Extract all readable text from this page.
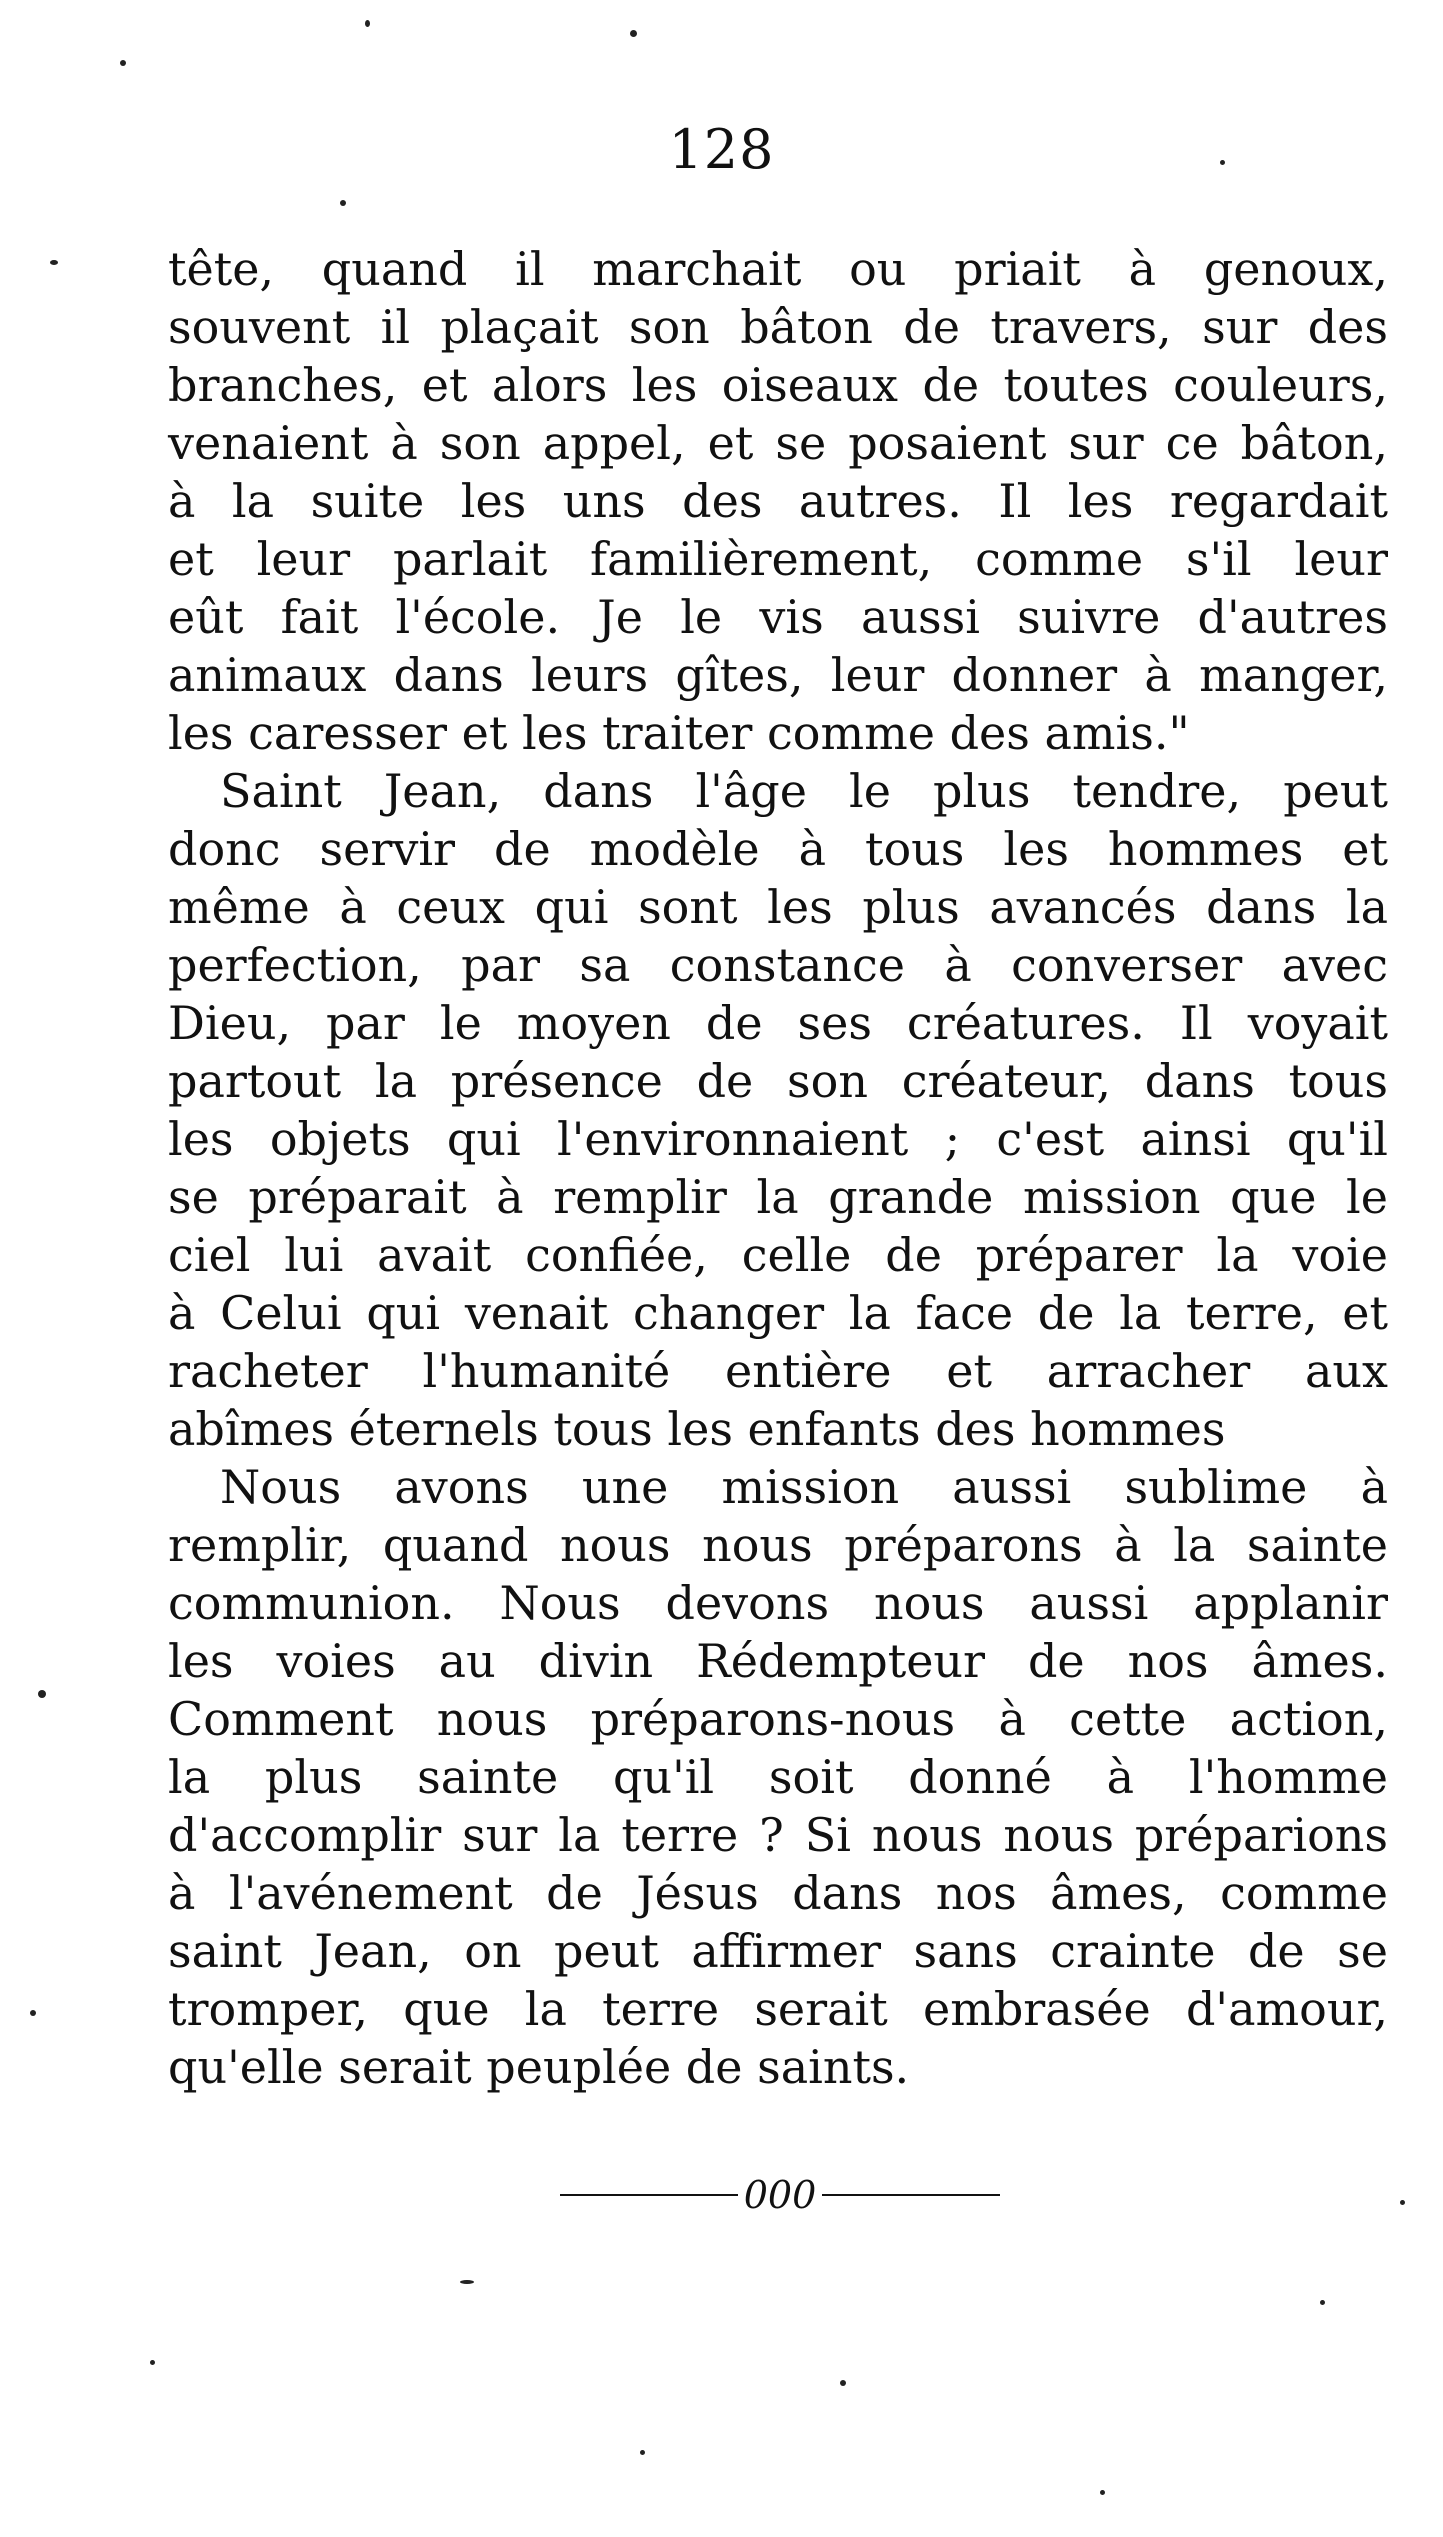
128
tête, quand il marchait ou priait à genoux,
souvent il plaçait son bâton de travers, sur des
branches, et alors les oiseaux de toutes couleurs,
venaient à son appel, et se posaient sur ce bâton,
à la suite les uns des autres. Il les regardait
et leur parlait familièrement, comme s'il leur
eût fait l'école. Je le vis aussi suivre d'autres
animaux dans leurs gîtes, leur donner à manger,
les caresser et les traiter comme des amis."
Saint Jean, dans l'âge le plus tendre, peut
donc servir de modèle à tous les hommes et
même à ceux qui sont les plus avancés dans la
perfection, par sa constance à converser avec
Dieu, par le moyen de ses créatures. Il voyait
partout la présence de son créateur, dans tous
les objets qui l'environnaient ; c'est ainsi qu'il
se préparait à remplir la grande mission que le
ciel lui avait confiée, celle de préparer la voie
à Celui qui venait changer la face de la terre, et
racheter l'humanité entière et arracher aux
abîmes éternels tous les enfants des hommes
Nous avons une mission aussi sublime à
remplir, quand nous nous préparons à la sainte
communion. Nous devons nous aussi applanir
les voies au divin Rédempteur de nos âmes.
Comment nous préparons-nous à cette action,
la plus sainte qu'il soit donné à l'homme
d'accomplir sur la terre ? Si nous nous préparions
à l'avénement de Jésus dans nos âmes, comme
saint Jean, on peut affirmer sans crainte de se
tromper, que la terre serait embrasée d'amour,
qu'elle serait peuplée de saints.
000
